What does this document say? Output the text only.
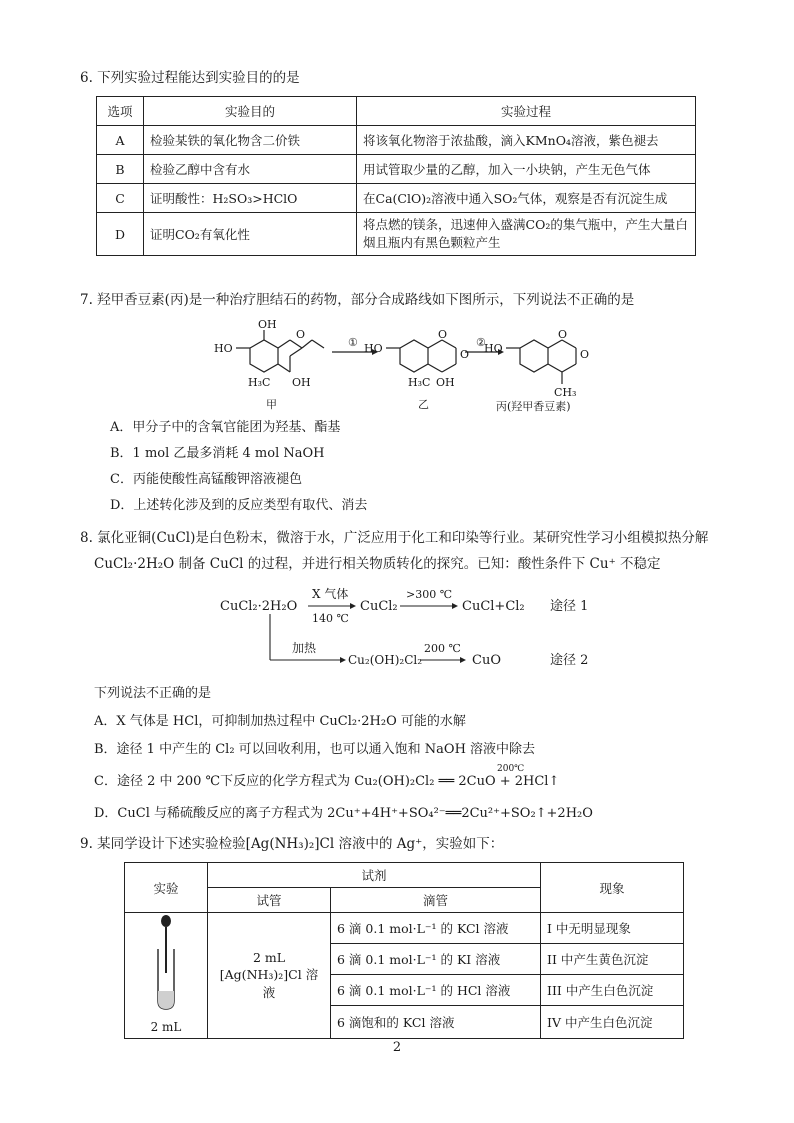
6. 下列实验过程能达到实验目的的是
选项	实验目的	实验过程
A	检验某铁的氧化物含二价铁	将该氧化物溶于浓盐酸，滴入KMnO₄溶液，紫色褪去
B	检验乙醇中含有水	用试管取少量的乙醇，加入一小块钠，产生无色气体
C	证明酸性：H₂SO₃>HClO	在Ca(ClO)₂溶液中通入SO₂气体，观察是否有沉淀生成
D	证明CO₂有氧化性	将点燃的镁条，迅速伸入盛满CO₂的集气瓶中，产生大量白烟且瓶内有黑色颗粒产生
7. 羟甲香豆素(丙)是一种治疗胆结石的药物，部分合成路线如下图所示，下列说法不正确的是
HO
OH
O
H₃C OH
① HO
O
O
H₃C OH
②
HO
O
O
CH₃
甲	乙	丙(羟甲香豆素)
A．甲分子中的含氧官能团为羟基、酯基
B．1 mol 乙最多消耗 4 mol NaOH
C．丙能使酸性高锰酸钾溶液褪色
D．上述转化涉及到的反应类型有取代、消去
8. 氯化亚铜(CuCl)是白色粉末，微溶于水，广泛应用于化工和印染等行业。某研究性学习小组模拟热分解
CuCl₂·2H₂O 制备 CuCl 的过程，并进行相关物质转化的探究。已知：酸性条件下 Cu⁺ 不稳定
CuCl₂·2H₂O
X 气体
140 ℃
CuCl₂
>300 ℃
CuCl+Cl₂ 途径 1
加热
Cu₂(OH)₂Cl₂
200 ℃
CuO	途径 2
下列说法不正确的是
A．X 气体是 HCl，可抑制加热过程中 CuCl₂·2H₂O 可能的水解
B．途径 1 中产生的 Cl₂ 可以回收利用，也可以通入饱和 NaOH 溶液中除去
C．途径 2 中 200 ℃下反应的化学方程式为 Cu₂(OH)₂Cl₂ ══ 2CuO + 2HCl↑
200℃
D．CuCl 与稀硫酸反应的离子方程式为 2Cu⁺+4H⁺+SO₄²⁻══2Cu²⁺+SO₂↑+2H₂O
9. 某同学设计下述实验检验[Ag(NH₃)₂]Cl 溶液中的 Ag⁺，实验如下：
实验	试剂		现象
	试管	滴管	

2 mL	2 mL [Ag(NH₃)₂]Cl 溶液	6 滴 0.1 mol·L⁻¹ 的 KCl 溶液	I 中无明显现象
		6 滴 0.1 mol·L⁻¹ 的 KI 溶液	II 中产生黄色沉淀
		6 滴 0.1 mol·L⁻¹ 的 HCl 溶液	III 中产生白色沉淀
		6 滴饱和的 KCl 溶液	IV 中产生白色沉淀
2
